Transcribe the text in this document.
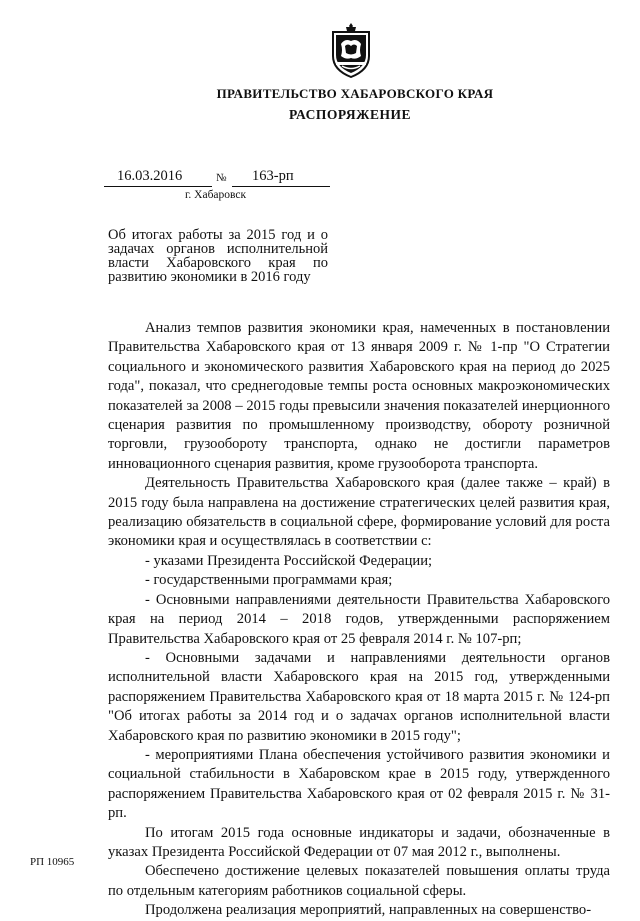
ПРАВИТЕЛЬСТВО ХАБАРОВСКОГО КРАЯ
РАСПОРЯЖЕНИЕ
16.03.2016	№ 163-рп
г. Хабаровск
Об итогах работы за 2015 год и о задачах органов исполнительной власти Хабаровского края по развитию экономики в 2016 году

Анализ темпов развития экономики края, намеченных в постановлении Правительства Хабаровского края от 13 января 2009 г. № 1-пр "О Стратегии социального и экономического развития Хабаровского края на период до 2025 года", показал, что среднегодовые темпы роста основных макроэкономических показателей за 2008 – 2015 годы превысили значения показателей инерционного сценария развития по промышленному производству, обороту розничной торговли, грузообороту транспорта, однако не достигли параметров инновационного сценария развития, кроме грузооборота транспорта.

Деятельность Правительства Хабаровского края (далее также – край) в 2015 году была направлена на достижение стратегических целей развития края, реализацию обязательств в социальной сфере, формирование условий для роста экономики края и осуществлялась в соответствии с:

- указами Президента Российской Федерации;

- государственными программами края;

- Основными направлениями деятельности Правительства Хабаровского края на период 2014 – 2018 годов, утвержденными распоряжением Правительства Хабаровского края от 25 февраля 2014 г. № 107-рп;

- Основными задачами и направлениями деятельности органов исполнительной власти Хабаровского края на 2015 год, утвержденными распоряжением Правительства Хабаровского края от 18 марта 2015 г. № 124-рп "Об итогах работы за 2014 год и о задачах органов исполнительной власти Хабаровского края по развитию экономики в 2015 году";

- мероприятиями Плана обеспечения устойчивого развития экономики и социальной стабильности в Хабаровском крае в 2015 году, утвержденного распоряжением Правительства Хабаровского края от 02 февраля 2015 г. № 31-рп.

По итогам 2015 года основные индикаторы и задачи, обозначенные в указах Президента Российской Федерации от 07 мая 2012 г., выполнены.

Обеспечено достижение целевых показателей повышения оплаты труда по отдельным категориям работников социальной сферы.

Продолжена реализация мероприятий, направленных на совершенство-

РП 10965
